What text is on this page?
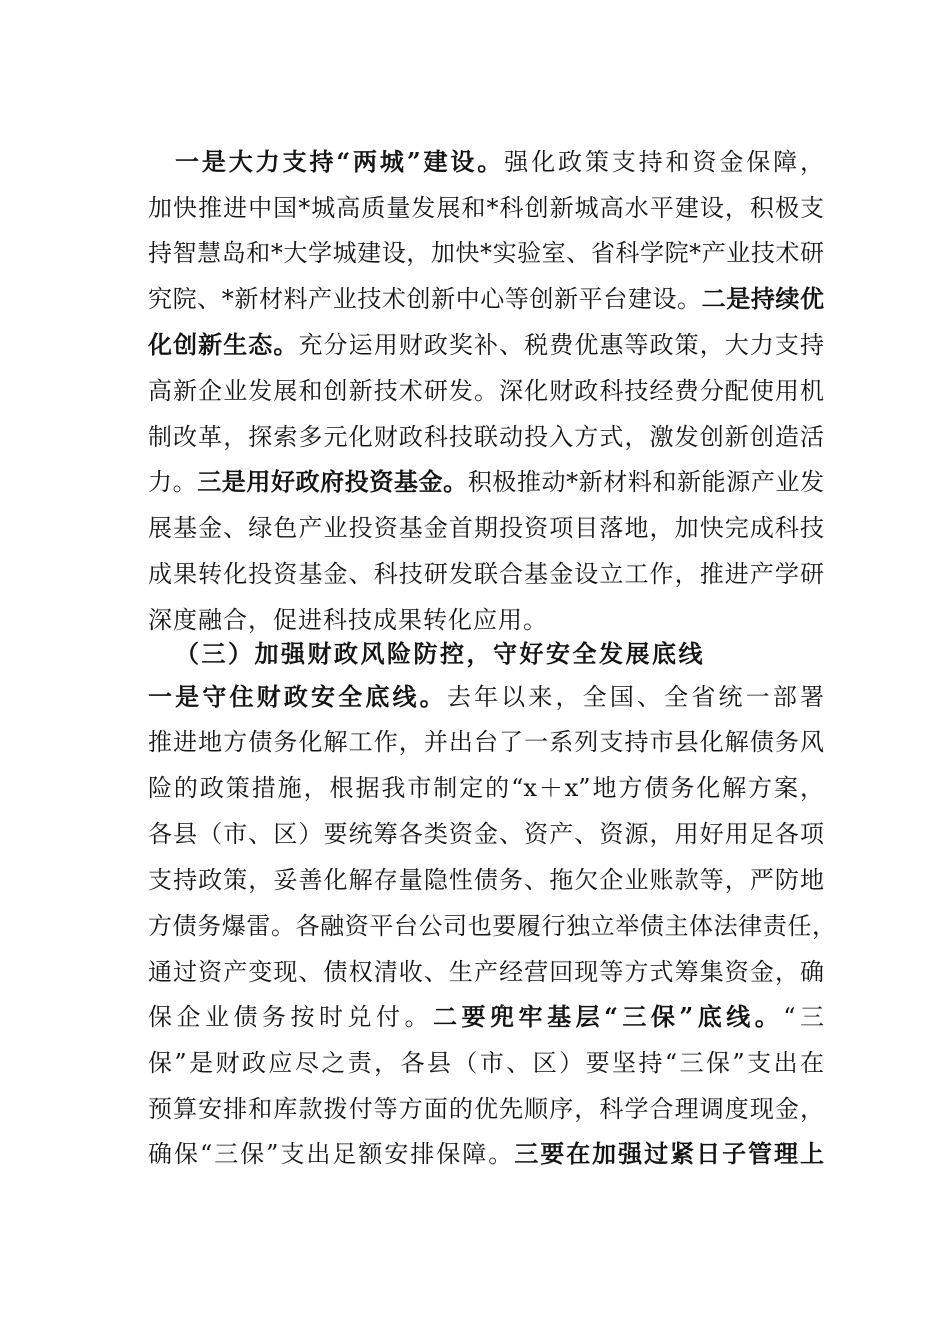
一是大力支持“两城”建设。强化政策支持和资金保障，
加快推进中国*城高质量发展和*科创新城高水平建设，积极支
持智慧岛和*大学城建设，加快*实验室、省科学院*产业技术研
究院、*新材料产业技术创新中心等创新平台建设。二是持续优
化创新生态。充分运用财政奖补、税费优惠等政策，大力支持
高新企业发展和创新技术研发。深化财政科技经费分配使用机
制改革，探索多元化财政科技联动投入方式，激发创新创造活
力。三是用好政府投资基金。积极推动*新材料和新能源产业发
展基金、绿色产业投资基金首期投资项目落地，加快完成科技
成果转化投资基金、科技研发联合基金设立工作，推进产学研
深度融合，促进科技成果转化应用。
（三）加强财政风险防控，守好安全发展底线
一是守住财政安全底线。去年以来，全国、全省统一部署
推进地方债务化解工作，并出台了一系列支持市县化解债务风
险的政策措施，根据我市制定的“x＋x”地方债务化解方案，
各县（市、区）要统筹各类资金、资产、资源，用好用足各项
支持政策，妥善化解存量隐性债务、拖欠企业账款等，严防地
方债务爆雷。各融资平台公司也要履行独立举债主体法律责任，
通过资产变现、债权清收、生产经营回现等方式筹集资金，确
保企业债务按时兑付。二要兜牢基层“三保”底线。“三
保”是财政应尽之责，各县（市、区）要坚持“三保”支出在
预算安排和库款拨付等方面的优先顺序，科学合理调度现金，
确保“三保”支出足额安排保障。三要在加强过紧日子管理上
